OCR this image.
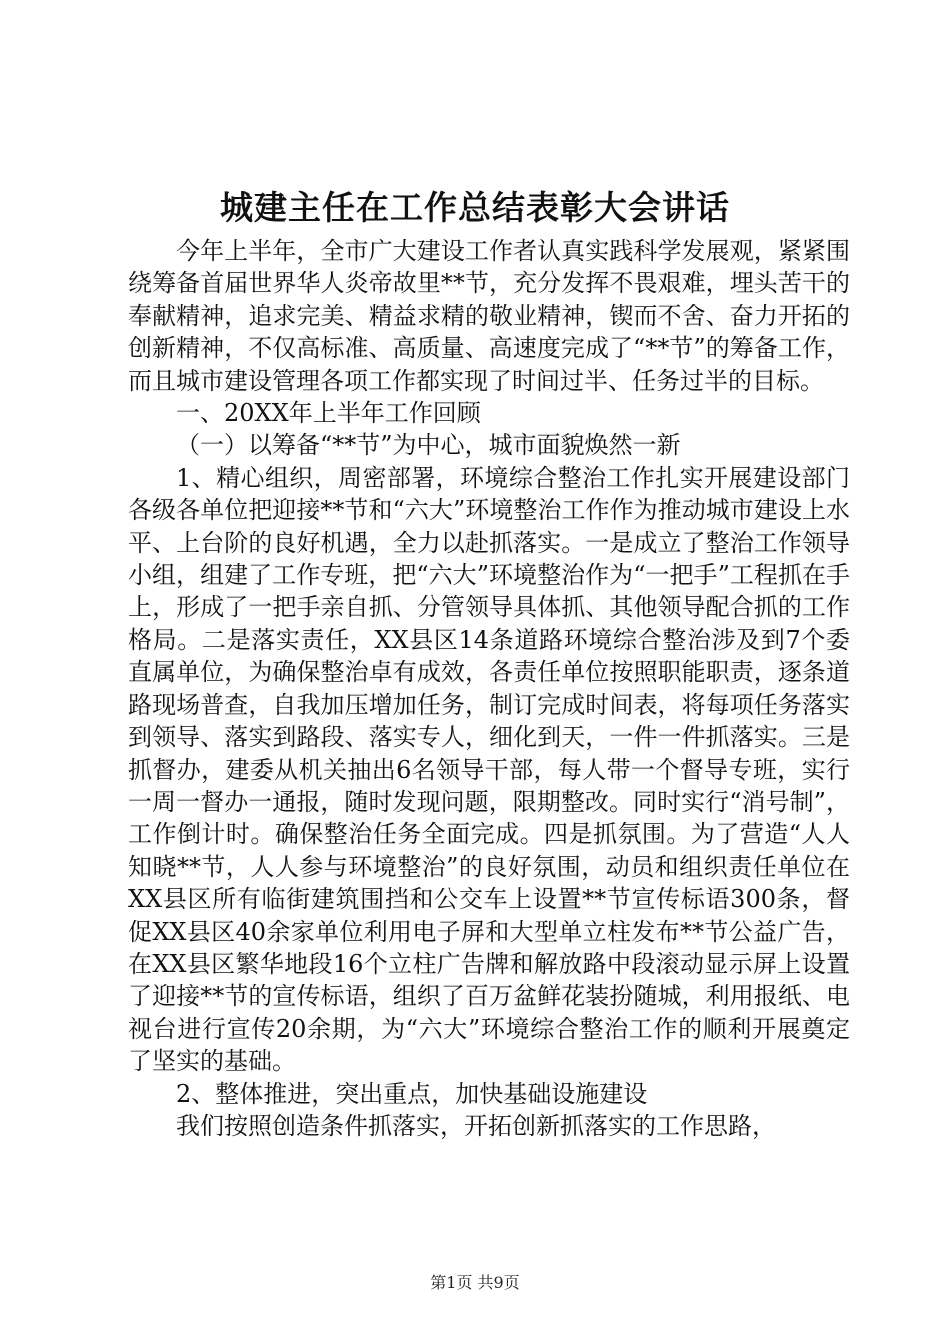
城建主任在工作总结表彰大会讲话

今年上半年，全市广大建设工作者认真实践科学发展观，紧紧围绕筹备首届世界华人炎帝故里**节，充分发挥不畏艰难，埋头苦干的奉献精神，追求完美、精益求精的敬业精神，锲而不舍、奋力开拓的创新精神，不仅高标准、高质量、高速度完成了“**节”的筹备工作，而且城市建设管理各项工作都实现了时间过半、任务过半的目标。

一、20XX年上半年工作回顾

（一）以筹备“**节”为中心，城市面貌焕然一新

1、精心组织，周密部署，环境综合整治工作扎实开展建设部门各级各单位把迎接**节和“六大”环境整治工作作为推动城市建设上水平、上台阶的良好机遇，全力以赴抓落实。一是成立了整治工作领导小组，组建了工作专班，把“六大”环境整治作为“一把手”工程抓在手上，形成了一把手亲自抓、分管领导具体抓、其他领导配合抓的工作格局。二是落实责任，XX县区14条道路环境综合整治涉及到7个委直属单位，为确保整治卓有成效，各责任单位按照职能职责，逐条道路现场普查，自我加压增加任务，制订完成时间表，将每项任务落实到领导、落实到路段、落实专人，细化到天，一件一件抓落实。三是抓督办，建委从机关抽出6名领导干部，每人带一个督导专班，实行一周一督办一通报，随时发现问题，限期整改。同时实行“消号制”，工作倒计时。确保整治任务全面完成。四是抓氛围。为了营造“人人知晓**节，人人参与环境整治”的良好氛围，动员和组织责任单位在XX县区所有临街建筑围挡和公交车上设置**节宣传标语300条，督促XX县区40余家单位利用电子屏和大型单立柱发布**节公益广告，在XX县区繁华地段16个立柱广告牌和解放路中段滚动显示屏上设置了迎接**节的宣传标语，组织了百万盆鲜花装扮随城，利用报纸、电视台进行宣传20余期，为“六大”环境综合整治工作的顺利开展奠定了坚实的基础。

2、整体推进，突出重点，加快基础设施建设

我们按照创造条件抓落实，开拓创新抓落实的工作思路，

第1页 共9页
